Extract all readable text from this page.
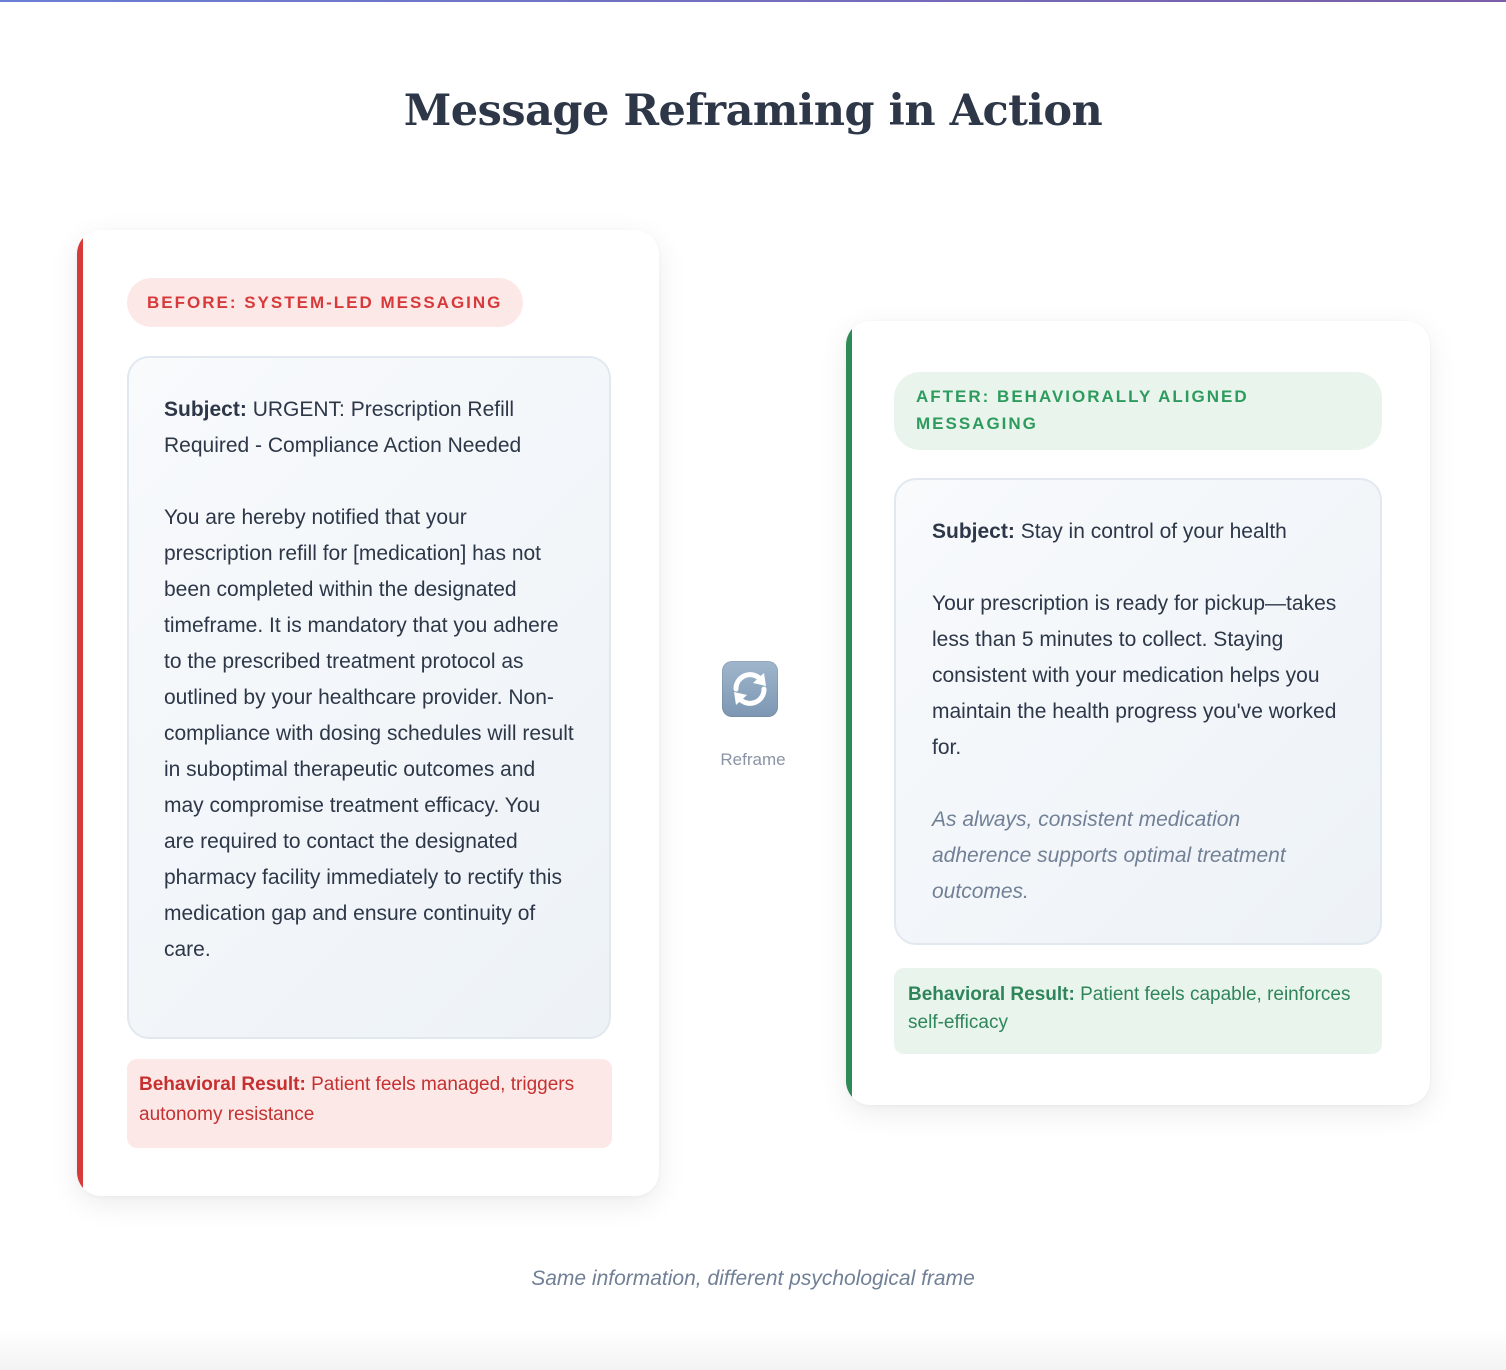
Message Reframing in Action
BEFORE: SYSTEM-LED MESSAGING
Subject: URGENT: Prescription Refill Required - Compliance Action Needed
You are hereby notified that your prescription refill for [medication] has not been completed within the designated timeframe. It is mandatory that you adhere to the prescribed treatment protocol as outlined by your healthcare provider. Non-compliance with dosing schedules will result in suboptimal therapeutic outcomes and may compromise treatment efficacy. You are required to contact the designated pharmacy facility immediately to rectify this medication gap and ensure continuity of care.
Behavioral Result: Patient feels managed, triggers autonomy resistance
Reframe
AFTER: BEHAVIORALLY ALIGNED MESSAGING
Subject: Stay in control of your health
Your prescription is ready for pickup—takes less than 5 minutes to collect. Staying consistent with your medication helps you maintain the health progress you've worked for.
As always, consistent medication adherence supports optimal treatment outcomes.
Behavioral Result: Patient feels capable, reinforces self-efficacy
Same information, different psychological frame
